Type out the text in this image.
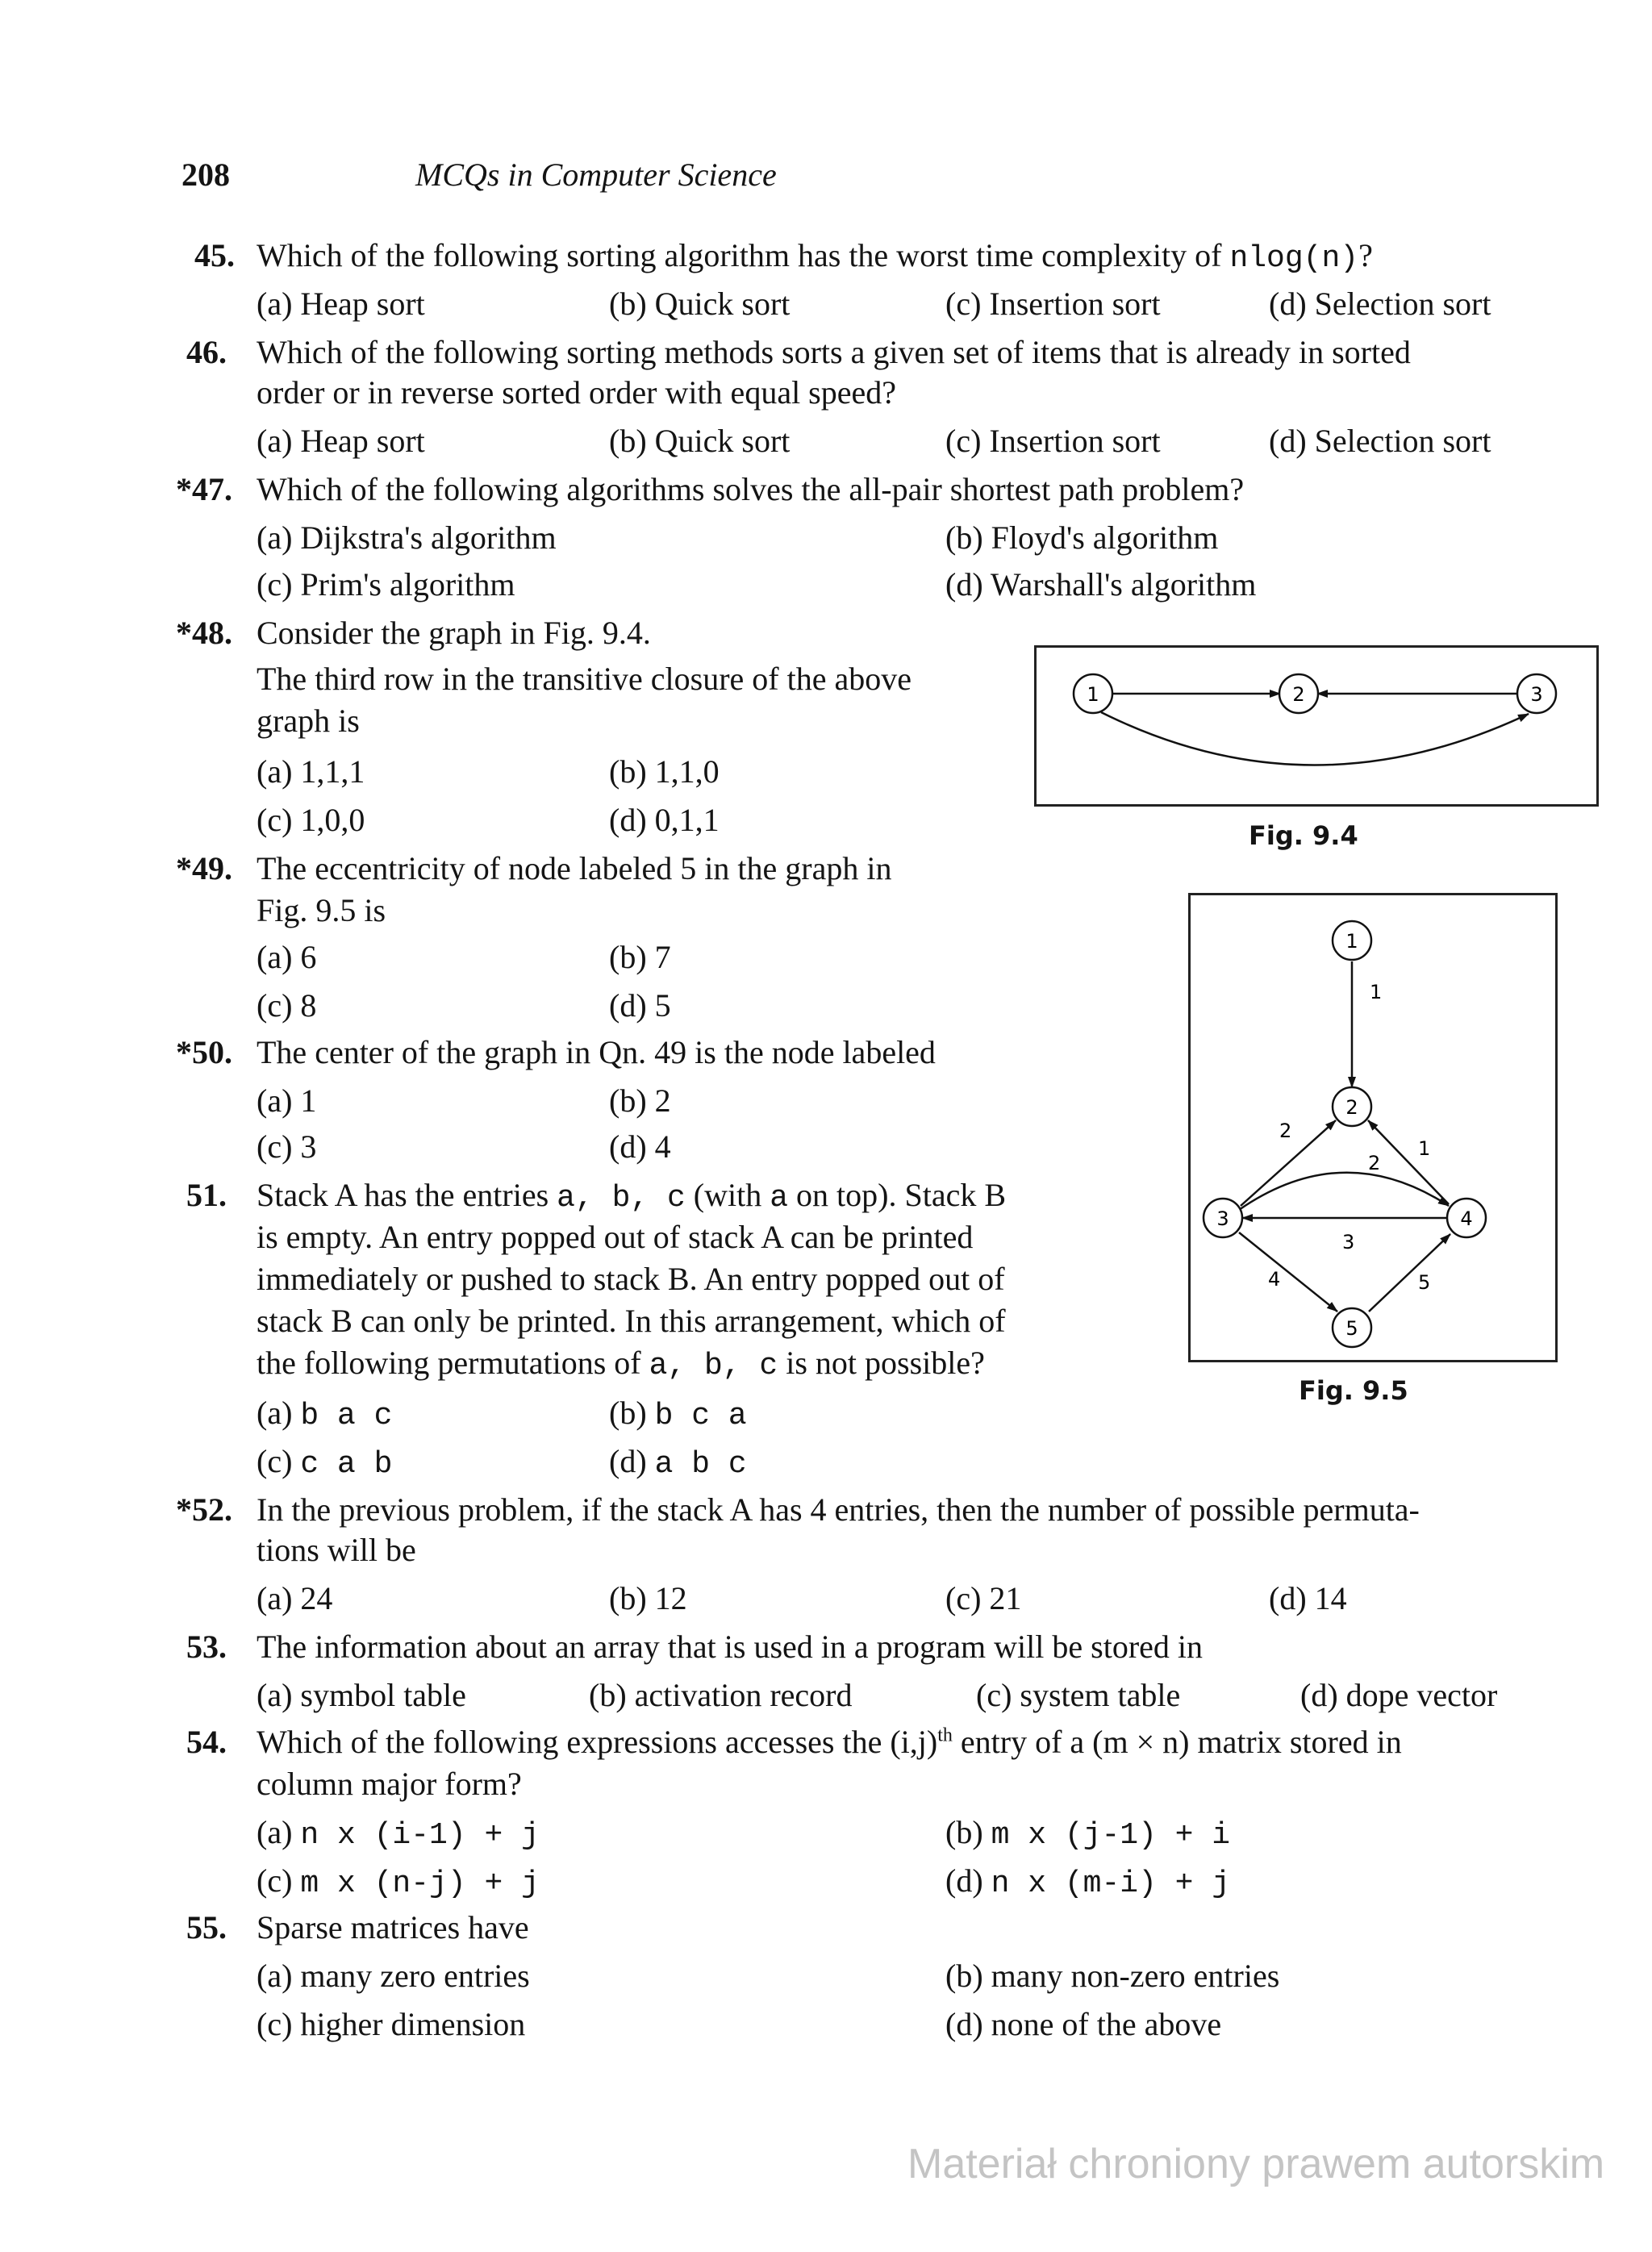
208	MCQs in Computer Science
45. Which of the following sorting algorithm has the worst time complexity of nlog(n)?
(a) Heap sort	(b) Quick sort	(c) Insertion sort	(d) Selection sort
46. Which of the following sorting methods sorts a given set of items that is already in sorted
order or in reverse sorted order with equal speed?
(a) Heap sort	(b) Quick sort	(c) Insertion sort	(d) Selection sort
*47. Which of the following algorithms solves the all-pair shortest path problem?
(a) Dijkstra's algorithm	(b) Floyd's algorithm
(c) Prim's algorithm	(d) Warshall's algorithm
*48. Consider the graph in Fig. 9.4.
The third row in the transitive closure of the above
graph is
(a) 1,1,1	(b) 1,1,0
(c) 1,0,0	(d) 0,1,1
1	2	3
Fig. 9.4
*49. The eccentricity of node labeled 5 in the graph in
Fig. 9.5 is
(a) 6	(b) 7
(c) 8	(d) 5
*50. The center of the graph in Qn. 49 is the node labeled
(a) 1	(b) 2
(c) 3	(d) 4
1
2
1
2
3
4	5
1
2
3	4
5
Fig. 9.5
51. Stack A has the entries a, b, c (with a on top). Stack B
is empty. An entry popped out of stack A can be printed
immediately or pushed to stack B. An entry popped out of
stack B can only be printed. In this arrangement, which of
the following permutations of a, b, c is not possible?
(a) b a c	(b) b c a
(c) c a b	(d) a b c
*52. In the previous problem, if the stack A has 4 entries, then the number of possible permuta-
tions will be
(a) 24	(b) 12	(c) 21	(d) 14
53. The information about an array that is used in a program will be stored in
(a) symbol table	(b) activation record	(c) system table	(d) dope vector
54. Which of the following expressions accesses the $(i,j)^{th}$ entry of a (m × n) matrix stored in
column major form?
(a) n x (i-1) + j	(b) m x (j-1) + i
(c) m x (n-j) + j	(d) n x (m-i) + j
55. Sparse matrices have
(a) many zero entries	(b) many non-zero entries
(c) higher dimension	(d) none of the above
Materiał chroniony prawem autorskim
